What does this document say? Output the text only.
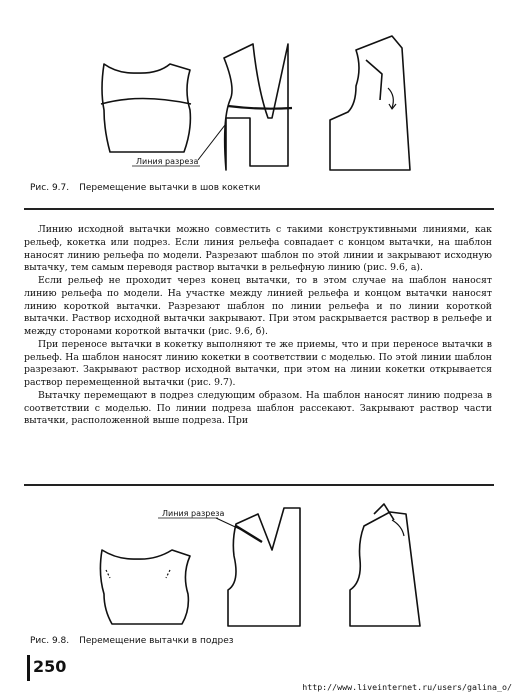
Линия разреза
Рис. 9.7. Перемещение вытачки в шов кокетки

Линию исходной вытачки можно совместить с такими конструктивными линиями, как рельеф, кокетка или подрез. Если линия рельефа совпадает с концом вытачки, на шаблон наносят линию рельефа по модели. Разрезают шаблон по этой линии и закрывают исходную вытачку, тем самым переводя раствор вытачки в рельефную линию (рис. 9.6, а).

Если рельеф не проходит через конец вытачки, то в этом случае на шаблон наносят линию рельефа по модели. На участке между линией рельефа и концом вытачки наносят линию короткой вытачки. Разрезают шаблон по линии рельефа и по линии короткой вытачки. Раствор исходной вытачки закрывают. При этом раскрывается раствор в рельефе и между сторонами короткой вытачки (рис. 9.6, б).

При переносе вытачки в кокетку выполняют те же приемы, что и при переносе вытачки в рельеф. На шаблон наносят линию кокетки в соответствии с моделью. По этой линии шаблон разрезают. Закрывают раствор исходной вытачки, при этом на линии кокетки открывается раствор перемещенной вытачки (рис. 9.7).

Вытачку перемещают в подрез следующим образом. На шаблон наносят линию подреза в соответствии с моделью. По линии подреза шаблон рассекают. Закрывают раствор части вытачки, расположенной выше подреза. При

Линия разреза
Рис. 9.8. Перемещение вытачки в подрез
250
http://www.liveinternet.ru/users/galina_o/
